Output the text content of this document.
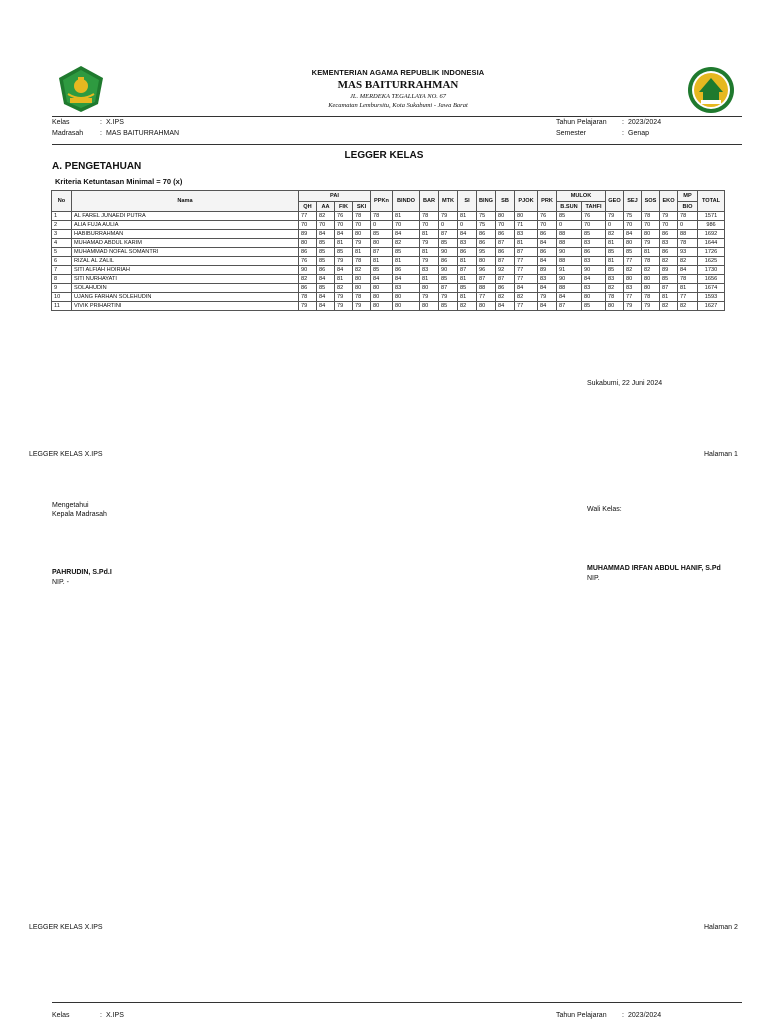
KEMENTERIAN AGAMA REPUBLIK INDONESIA
MAS BAITURRAHMAN
JL. MERDEKA TEGALLAYA NO. 67
Kecamatan Lembursitu, Kota Sukabumi - Jawa Barat
Kelas	: X.IPS
Madrasah : MAS BAITURRAHMAN
Tahun Pelajaran : 2023/2024
Semester	: Genap
LEGGER KELAS
A. PENGETAHUAN
Kriteria Ketuntasan Minimal = 70 (x)
No	Nama	PAI				PPKn	BINDO	BAR	MTK	SI	BING	SB	PJOK	PRK	MULOK		GEO	SEJ	SOS	EKO	MP	TOTAL
		QH	AA	FIK	SKI										B.SUN	TAHFI					BIO	
1	AL FAREL JUNAEDI PUTRA	77	82	76	78	78	81	78	79	81	75	80	80	76	85	76	79	75	78	79	78	1571
2	ALIA FUJA AULIA	70	70	70	70	0	70	70	0	0	75	70	71	70	0	70	0	70	70	70	0	986
3	HABIBURRAHMAN	89	84	84	80	85	84	81	87	84	86	86	83	86	88	85	82	84	80	86	88	1692
4	MUHAMAD ABDUL KARIM	80	85	81	79	80	82	79	85	83	86	87	81	84	88	83	81	80	79	83	78	1644
5	MUHAMMAD NOFAL SOMANTRI	86	85	85	81	87	85	81	90	86	95	86	87	86	90	86	85	85	81	86	93	1726
6	RIZAL AL ZALIL	76	85	79	78	81	81	79	86	81	80	87	77	84	88	83	81	77	78	82	82	1625
7	SITI ALFIAH HOIRIAH	90	86	84	82	85	86	83	90	87	96	92	77	89	91	90	85	82	82	89	84	1730
8	SITI NURHAYATI	82	84	81	80	84	84	81	85	81	87	87	77	83	90	84	83	80	80	85	78	1656
9	SOLAHUDIN	86	85	82	80	80	83	80	87	85	88	86	84	84	88	83	82	83	80	87	81	1674
10	UJANG FARHAN SOLEHUDIN	78	84	79	78	80	80	79	79	81	77	82	82	79	84	80	78	77	78	81	77	1593
11	VIVIK PRIHARTINI	79	84	79	79	80	80	80	85	82	80	84	77	84	87	85	80	79	79	82	82	1627
Sukabumi, 22 Juni 2024
LEGGER KELAS X.IPS	Halaman 1
Mengetahui
Kepala Madrasah
Wali Kelas:
PAHRUDIN, S.Pd.I
NIP. -
MUHAMMAD IRFAN ABDUL HANIF, S.Pd
NIP.
LEGGER KELAS X.IPS	Halaman 2
Kelas	: X.IPS	Tahun Pelajaran : 2023/2024
